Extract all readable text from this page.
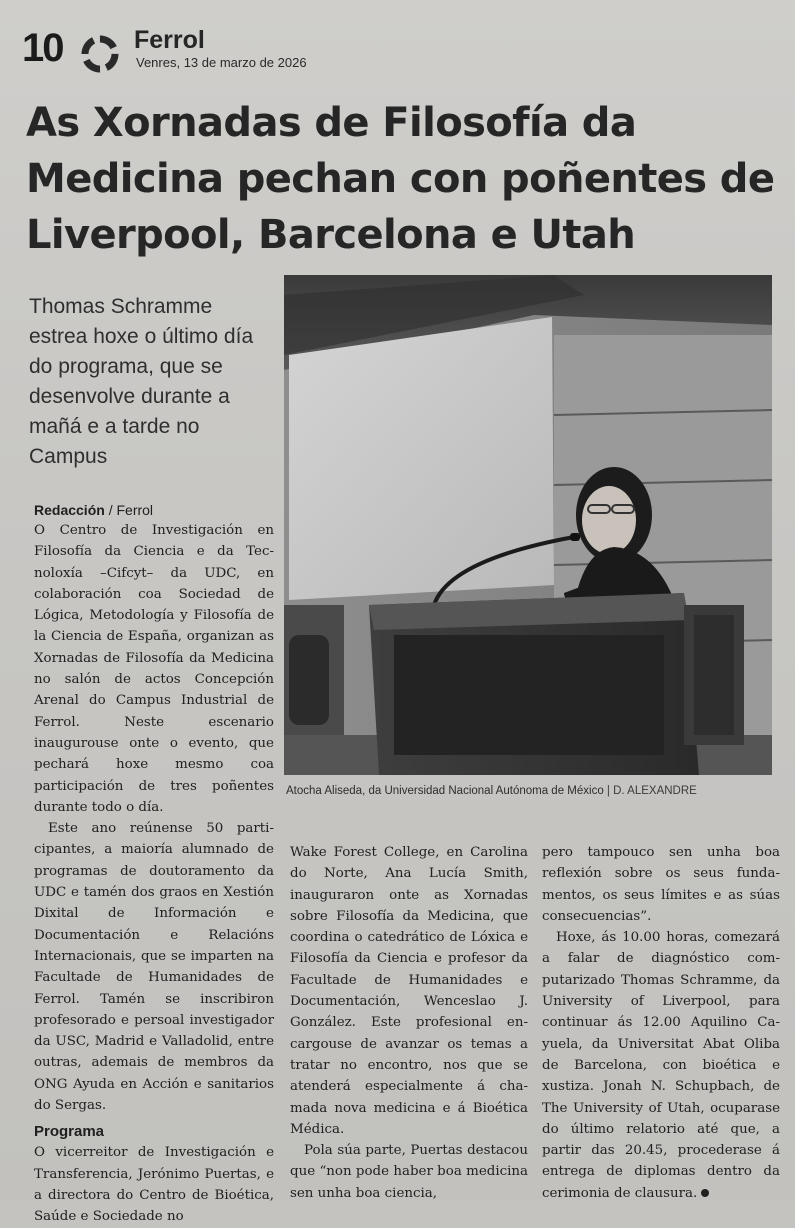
10	Ferrol
Venres, 13 de marzo de 2026
As Xornadas de Filosofía da Medicina pechan con poñentes de Liverpool, Barcelona e Utah

Thomas Schramme estrea hoxe o último día do programa, que se desenvolve durante a mañá e a tarde no Campus

Atocha Aliseda, da Universidad Nacional Autónoma de México | D. ALEXANDRE
Redacción / Ferrol

O Centro de Investigación en Filosofía da Ciencia e da Tecnoloxía –Cifcyt– da UDC, en colaboración coa Sociedad de Lógica, Metodología y Filosofía de la Ciencia de España, organizan as Xornadas de Filosofía da Medicina no salón de actos Concepción Arenal do Campus Industrial de Ferrol. Neste escenario inaugurouse onte o evento, que pechará hoxe mesmo coa participación de tres poñentes durante todo o día.

Este ano reúnense 50 participantes, a maioría alumnado de programas de doutoramento da UDC e tamén dos graos en Xestión Dixital de Información e Documentación e Relacións Internacionais, que se imparten na Facultade de Humanidades de Ferrol. Tamén se inscribiron profesorado e persoal investigador da USC, Madrid e Valladolid, entre outras, ademais de membros da ONG Ayuda en Acción e sanitarios do Sergas.

Programa

O vicerreitor de Investigación e Transferencia, Jerónimo Puertas, e a directora do Centro de Bioética, Saúde e Sociedade no

Wake Forest College, en Carolina do Norte, Ana Lucía Smith, inauguraron onte as Xornadas sobre Filosofía da Medicina, que coordina o catedrático de Lóxica e Filosofía da Ciencia e profesor da Facultade de Humanidades e Documentación, Wenceslao J. González. Este profesional encargouse de avanzar os temas a tratar no encontro, nos que se atenderá especialmente á chamada nova medicina e á Bioética Médica.

Pola súa parte, Puertas destacou que “non pode haber boa medicina sen unha boa ciencia,

pero tampouco sen unha boa reflexión sobre os seus fundamentos, os seus límites e as súas consecuencias”.

Hoxe, ás 10.00 horas, comezará a falar de diagnóstico computarizado Thomas Schramme, da University of Liverpool, para continuar ás 12.00 Aquilino Cayuela, da Universitat Abat Oliba de Barcelona, con bioética e xustiza. Jonah N. Schupbach, de The University of Utah, ocuparase do último relatorio até que, a partir das 20.45, procederase á entrega de diplomas dentro da cerimonia de clausura.
